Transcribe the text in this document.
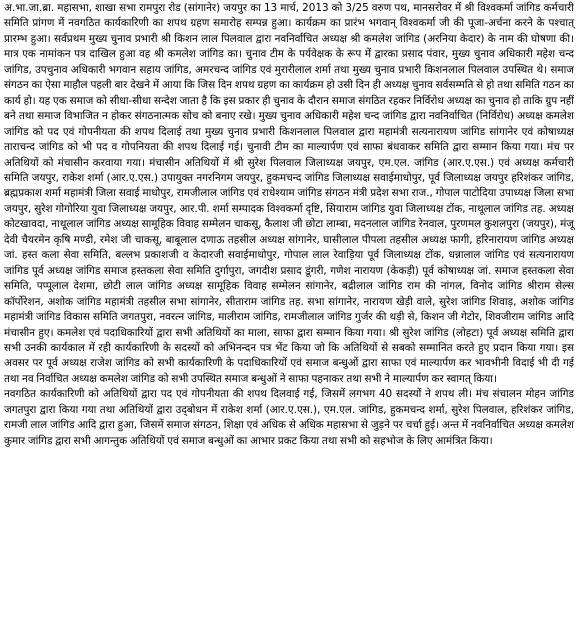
अ.भा.जा.ब्रा. महासभा, शाखा सभा रामपुरा रोड (सांगानेर) जयपुर का 13 मार्च, 2013 को 3/25 वरुण पथ, मानसरोवर में श्री विश्वकर्मा जांगिड कर्मचारी समिति प्रांगण में नवगठित कार्यकारिणी का शपथ ग्रहण समारोह सम्पन्न हुआ। कार्यक्रम का प्रारंभ भगवान् विश्वकर्मा जी की पूजा-अर्चना करने के पश्चात् प्रारम्भ हुआ। सर्वप्रथम मुख्य चुनाव प्रभारी श्री किशन लाल पिलवाल द्वारा नवनिर्वाचित अध्यक्ष श्री कमलेश जांगिड (अरनिया केदार) के नाम की घोषणा की। मात्र एक नामांकन पत्र दाखिल हुआ वह श्री कमलेश जांगिड का। चुनाव टीम के पर्यवेक्षक के रूप में द्वारका प्रसाद पंवार, मुख्य चुनाव अधिकारी महेश चन्द जांगिड, उपचुनाव अधिकारी भगवान सहाय जांगिड, अमरचन्द जांगिड एवं मुरारीलाल शर्मा तथा मुख्य चुनाव प्रभारी किशनलाल पिलवाल उपस्थित थे। समाज संगठन का ऐसा माहौल पहली बार देखने में आया कि जिस दिन शपथ ग्रहण का कार्यक्रम हो उसी दिन ही अध्यक्ष चुनाव सर्वसम्मति से हो तथा समिति गठन का कार्य हो। यह एक समाज को सीधा-सीधा सन्देश जाता है कि इस प्रकार ही चुनाव के दौरान समाज संगठित रहकर निर्विरोध अध्यक्ष का चुनाव हो ताकि ग्रुप नहीं बने तथा समाज विभाजित न होकर संगठनात्मक सोच को बनाए रखे। मुख्य चुनाव अधिकारी महेश चन्द जांगिड द्वारा नवनिर्वाचित (निर्विरोध) अध्यक्ष कमलेश जांगिड को पद एवं गोपनीयता की शपथ दिलाई तथा मुख्य चुनाव प्रभारी किशनलाल पिलवाल द्वारा महामंत्री सत्यनारायण जांगिड सांगानेर एवं कोषाध्यक्ष ताराचन्द जांगिड को भी पद व गोपनियता की शपथ दिलाई गई। चुनावी टीम का माल्यार्पण एवं साफा बंधवाकर समिति द्वारा सम्मान किया गया। मंच पर अतिथियों को मंचासीन करवाया गया। मंचासीन अतिथियों में श्री सुरेश पिलवाल जिलाध्यक्ष जयपुर, एम.एल. जांगिड (आर.ए.एस.) एवं अध्यक्ष कर्मचारी समिति जयपुर, राकेश शर्मा (आर.ए.एस.) उपायुक्त नगरनिगम जयपुर, हुकमचन्द जांगिड जिलाध्यक्ष सवाईमाधोपुर, पूर्व जिलाध्यक्ष जयपुर हरिशंकर जांगिड, ब्रह्मप्रकाश शर्मा महामंत्री जिला सवाई माधोपुर, रामजीलाल जांगिड एवं राधेश्याम जांगिड संगठन मंत्री प्रदेश सभा राज., गोपाल पाटोदिया उपाध्यक्ष जिला सभा जयपुर, सुरेश गोगोरिया युवा जिलाध्यक्ष जयपुर, आर.पी. शर्मा सम्पादक विश्वकर्मा दृष्टि, सियाराम जांगिड युवा जिलाध्यक्ष टोंक, नाथूलाल जांगिड तह. अध्यक्ष कोटखावदा, नाथूलाल जांगिड अध्यक्ष सामूहिक विवाह सम्मेलन चाकसू, कैलाश जी छोटा लाम्बा, मदनलाल जांगिड रेनवाल, पुरणमल कुशलपुरा (जयपुर), मंजू देवी चैयरमेन कृषि मण्डी, रमेश जी चाकसू, बाबूलाल दणाऊ तहसील अध्यक्ष सांगानेर, घासीलाल पीपला तहसील अध्यक्ष फागी, हरिनारायण जांगिड अध्यक्ष जां. हस्त कला सेवा समिति, बल्लभ प्रकाशजी व केदारजी सवाईमाधोपुर, गोपाल लाल रेवाड़िया पूर्व जिलाध्यक्ष टोंक, धन्नालाल जांगिड एवं सत्यनारायण जांगिड पूर्व अध्यक्ष जांगिड समाज हस्तकला सेवा समिति दुर्गापुरा, जगदीश प्रसाद डूंगरी, गणेश नारायण (केकड़ी) पूर्व कोषाध्यक्ष जां. समाज हस्तकला सेवा समिति, पप्पूलाल देशमा, छोटी लाल जांगिड अध्यक्ष सामूहिक विवाह सम्मेलन सांगानेर, बद्रीलाल जांगिड राम की नांगल, विनोद जांगिड श्रीराम सेल्स कॉर्पोरेशन, अशोक जांगिड महामंत्री तहसील सभा सांगानेर, सीताराम जांगिड तह. सभा सांगानेर, नारायण खेड़ी वाले, सुरेश जांगिड शिवाड़, अशोक जांगिड महामंत्री जांगिड विकास समिति जगतपुरा, नवरत्न जांगिड, मालीराम जांगिड, रामजीलाल जांगिड गुर्जर की थड़ी से, किशन जी गेटोर, शिवजीराम जांगिड आदि मंचासीन हुए। कमलेश एवं पदाधिकारियों द्वारा सभी अतिथियों का माला, साफा द्वारा सम्मान किया गया। श्री सुरेश जांगिड (लोहटा) पूर्व अध्यक्ष समिति द्वारा सभी उनकी कार्यकाल में रही कार्यकारिणी के सदस्यों को अभिनन्दन पत्र भेंट किया जो कि अतिथियों से सबको सम्मानित करते हुए प्रदान किया गया। इस अवसर पर पूर्व अध्यक्ष राजेश जांगिड को सभी कार्यकारिणी के पदाधिकारियों एवं समाज बन्धुओं द्वारा साफा एवं माल्यार्पण कर भावभीनी विदाई भी दी गई तथा नव निर्वाचित अध्यक्ष कमलेश जांगिड को सभी उपस्थित समाज बन्धुओं ने साफा पहनाकर तथा सभी ने माल्यार्पण कर स्वागत् किया।

नवगठित कार्यकारिणी को अतिथियों द्वारा पद एवं गोपनीयता की शपथ दिलवाई गई, जिसमें लगभग 40 सदस्यों ने शपथ ली। मंच संचालन मोहन जांगिड जगतपुरा द्वारा किया गया तथा अतिथियों द्वारा उद्‌बोधन में राकेश शर्मा (आर.ए.एस.), एम.एल. जांगिड, हुकमचन्द शर्मा, सुरेश पिलवाल, हरिशंकर जांगिड, रामजी लाल जांगिड आदि द्वारा हुआ, जिसमें समाज संगठन, शिक्षा एवं अधिक से अधिक महासभा से जुड़ने पर चर्चा हुई। अन्त में नवनिर्वाचित अध्यक्ष कमलेश कुमार जांगिड द्वारा सभी आगन्तुक अतिथियों एवं समाज बन्धुओं का आभार प्रकट किया तथा सभी को सहभोज के लिए आमंत्रित किया।
